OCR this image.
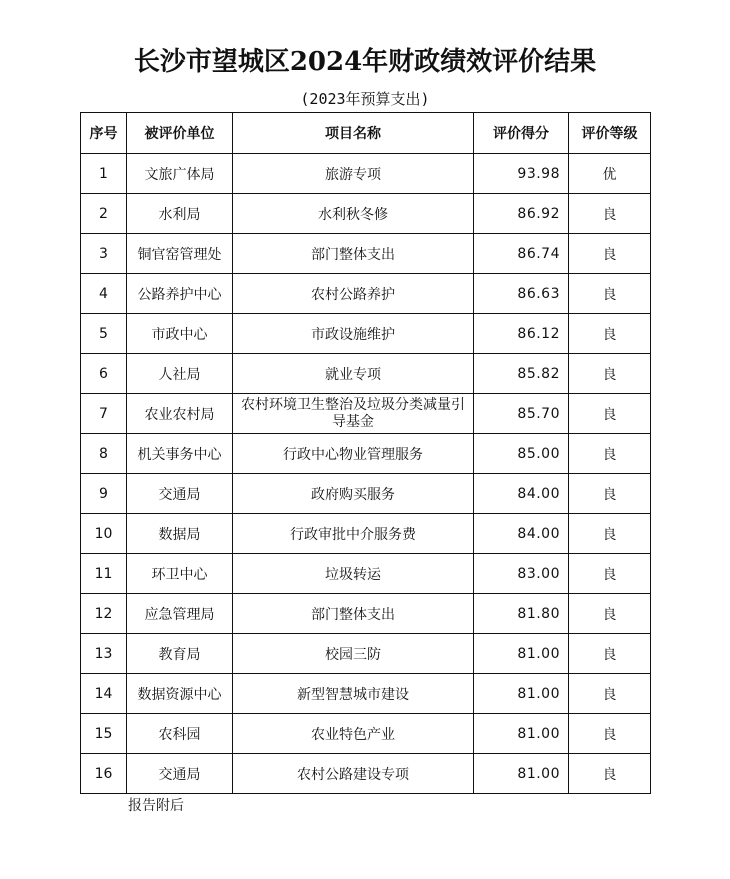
长沙市望城区2024年财政绩效评价结果
(2023年预算支出)
序号	被评价单位	项目名称	评价得分	评价等级
1	文旅广体局	旅游专项	93.98	优
2	水利局	水利秋冬修	86.92	良
3	铜官窑管理处	部门整体支出	86.74	良
4	公路养护中心	农村公路养护	86.63	良
5	市政中心	市政设施维护	86.12	良
6	人社局	就业专项	85.82	良
7	农业农村局	农村环境卫生整治及垃圾分类减量引导基金	85.70	良
8	机关事务中心	行政中心物业管理服务	85.00	良
9	交通局	政府购买服务	84.00	良
10	数据局	行政审批中介服务费	84.00	良
11	环卫中心	垃圾转运	83.00	良
12	应急管理局	部门整体支出	81.80	良
13	教育局	校园三防	81.00	良
14	数据资源中心	新型智慧城市建设	81.00	良
15	农科园	农业特色产业	81.00	良
16	交通局	农村公路建设专项	81.00	良
报告附后
